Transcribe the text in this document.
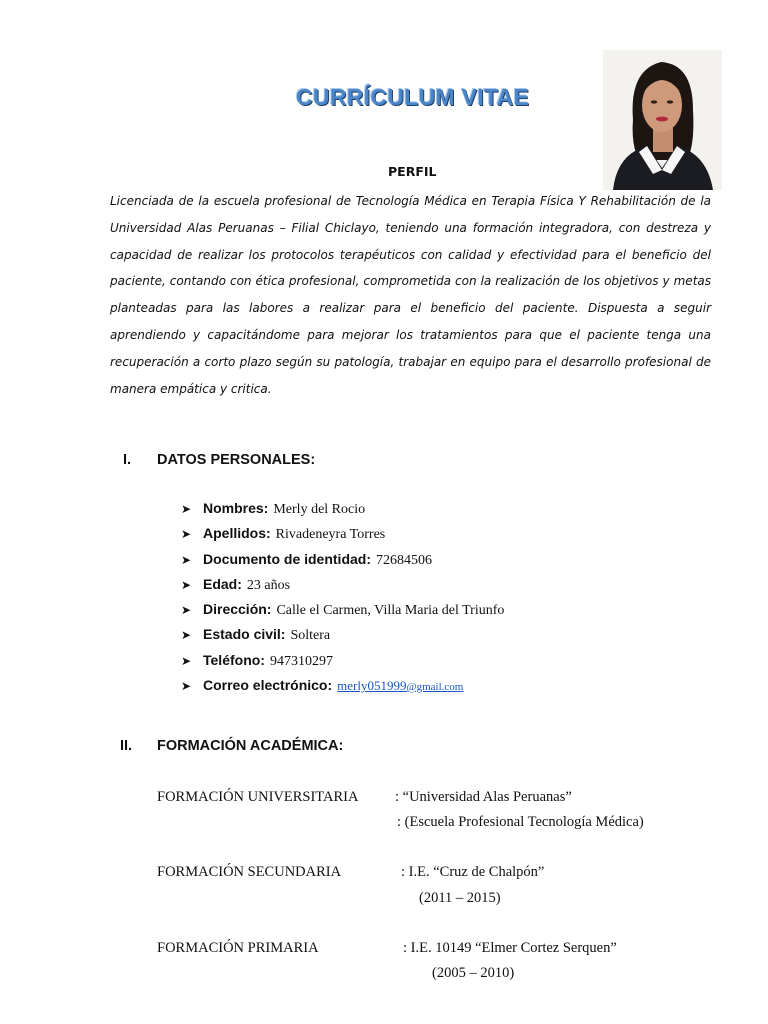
CURRÍCULUM VITAE
PERFIL

Licenciada de la escuela profesional de Tecnología Médica en Terapia Física Y Rehabilitación de la Universidad Alas Peruanas – Filial Chiclayo, teniendo una formación integradora, con destreza y capacidad de realizar los protocolos terapéuticos con calidad y efectividad para el beneficio del paciente, contando con ética profesional, comprometida con la realización de los objetivos y metas planteadas para las labores a realizar para el beneficio del paciente. Dispuesta a seguir aprendiendo y capacitándome para mejorar los tratamientos para que el paciente tenga una recuperación a corto plazo según su patología, trabajar en equipo para el desarrollo profesional de manera empática y critica.

I. DATOS PERSONALES:
➤ Nombres: Merly del Rocio
➤ Apellidos: Rivadeneyra Torres
➤ Documento de identidad: 72684506
➤ Edad: 23 años
➤ Dirección: Calle el Carmen, Villa Maria del Triunfo
➤ Estado civil: Soltera
➤ Teléfono: 947310297
➤ Correo electrónico: merly051999@gmail.com
II. FORMACIÓN ACADÉMICA:
FORMACIÓN UNIVERSITARIA	: “Universidad Alas Peruanas”
: (Escuela Profesional Tecnología Médica)
FORMACIÓN SECUNDARIA	: I.E. “Cruz de Chalpón”
(2011 – 2015)
FORMACIÓN PRIMARIA	: I.E. 10149 “Elmer Cortez Serquen”
(2005 – 2010)
